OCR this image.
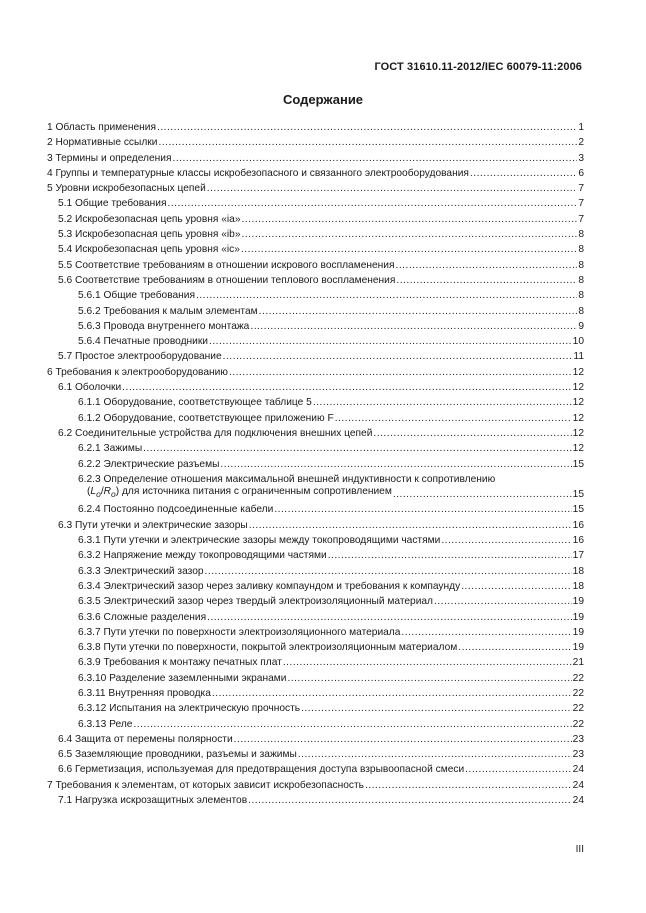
ГОСТ 31610.11-2012/IEC 60079-11:2006
Содержание
1 Область применения .....	1
2 Нормативные ссылки .....	2
3 Термины и определения .....	3
4 Группы и температурные классы искробезопасного и связанного электрооборудования .....	6
5 Уровни искробезопасных цепей .....	7
5.1 Общие требования .....	7
5.2 Искробезопасная цепь уровня «ia» .....	7
5.3 Искробезопасная цепь уровня «ib» .....	8
5.4 Искробезопасная цепь уровня «ic» .....	8
5.5 Соответствие требованиям в отношении искрового воспламенения .....	8
5.6 Соответствие требованиям в отношении теплового воспламенения .....	8
5.6.1 Общие требования .....	8
5.6.2 Требования к малым элементам .....	8
5.6.3 Провода внутреннего монтажа .....	9
5.6.4 Печатные проводники .....	10
5.7 Простое электрооборудование .....	11
6 Требования к электрооборудованию .....	12
6.1 Оболочки .....	12
6.1.1 Оборудование, соответствующее таблице 5 .....	12
6.1.2 Оборудование, соответствующее приложению F .....	12
6.2 Соединительные устройства для подключения внешних цепей .....	12
6.2.1 Зажимы .....	12
6.2.2 Электрические разъемы .....	15
6.2.3 Определение отношения максимальной внешней индуктивности к сопротивлению
$(L_o/R_o)$ для источника питания с ограниченным сопротивлением .....	15
6.2.4 Постоянно подсоединенные кабели .....	15
6.3 Пути утечки и электрические зазоры .....	16
6.3.1 Пути утечки и электрические зазоры между токопроводящими частями .....	16
6.3.2 Напряжение между токопроводящими частями .....	17
6.3.3 Электрический зазор .....	18
6.3.4 Электрический зазор через заливку компаундом и требования к компаунду .....	18
6.3.5 Электрический зазор через твердый электроизоляционный материал .....	19
6.3.6 Сложные разделения .....	19
6.3.7 Пути утечки по поверхности электроизоляционного материала .....	19
6.3.8 Пути утечки по поверхности, покрытой электроизоляционным материалом .....	19
6.3.9 Требования к монтажу печатных плат .....	21
6.3.10 Разделение заземленными экранами .....	22
6.3.11 Внутренняя проводка .....	22
6.3.12 Испытания на электрическую прочность .....	22
6.3.13 Реле .....	22
6.4 Защита от перемены полярности .....	23
6.5 Заземляющие проводники, разъемы и зажимы .....	23
6.6 Герметизация, используемая для предотвращения доступа взрывоопасной смеси .....	24
7 Требования к элементам, от которых зависит искробезопасность .....	24
7.1 Нагрузка искрозащитных элементов .....	24
III
